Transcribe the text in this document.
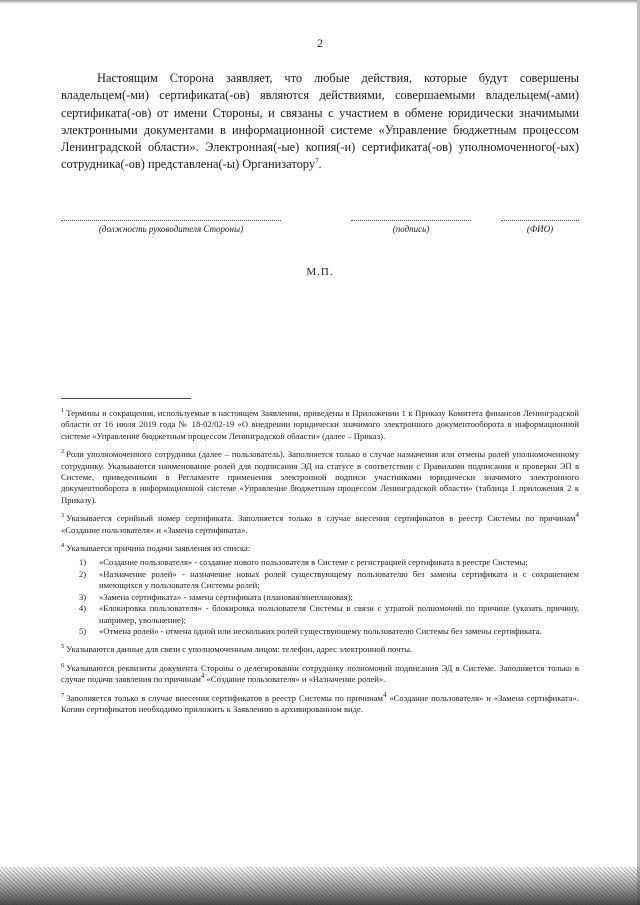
2

Настоящим Сторона заявляет, что любые действия, которые будут совершены владельцем(-ми) сертификата(-ов) являются действиями, совершаемыми владельцем(-ами) сертификата(-ов) от имени Стороны, и связаны с участием в обмене юридически значимыми электронными документами в информационной системе «Управление бюджетным процессом Ленинградской области». Электронная(-ые) копия(-и) сертификата(-ов) уполномоченного(-ых) сотрудника(-ов) представлена(-ы) Организатору$^7$.

(должность руководителя Стороны)	(подпись)	(ФИО)
М.П.
$^1$ Термины и сокращения, используемые в настоящем Заявлении, приведены в Приложении 1 к Приказу Комитета финансов Ленинградской области от 16 июля 2019 года № 18-02/02-19 «О внедрении юридически значимого электронного документооборота в информационной системе «Управление бюджетным процессом Ленинградской области» (далее – Приказ).
$^2$ Роли уполномоченного сотрудника (далее – пользователь). Заполняется только в случае назначения или отмены ролей уполномоченному сотруднику. Указываются наименование ролей для подписания ЭД на статусе в соответствии с Правилами подписания и проверки ЭП в Системе, приведенными в Регламенте применения электронной подписи участниками юридически значимого электронного документооборота в информационной системе «Управление бюджетным процессом Ленинградской области» (таблица 1 приложения 2 к Приказу).
$^3$ Указывается серийный номер сертификата. Заполняется только в случае внесения сертификатов в реестр Системы по причинам$^4$ «Создание пользователя» и «Замена сертификата».
$^4$ Указывается причина подачи заявления из списка:
1) «Создание пользователя» - создание нового пользователя в Системе с регистрацией сертификата в реестре Системы;
2) «Назначение ролей» - назначение новых ролей существующему пользователю без замены сертификата и с сохранением имеющихся у пользователя Системы ролей;
3) «Замена сертификата» - замена сертификата (плановая/внеплановая);
4) «Блокировка пользователя» - блокировка пользователя Системы в связи с утратой полномочий по причине (указать причину, например, увольнение);
5) «Отмена ролей» - отмена одной или нескольких ролей существующему пользователю Системы без замены сертификата.
$^5$ Указываются данные для связи с уполномоченным лицом: телефон, адрес электронной почты.
$^6$ Указываются реквизиты документа Стороны о делегировании сотруднику полномочий подписания ЭД в Системе. Заполняется только в случае подачи заявления по причинам$^4$ «Создание пользователя» и «Назначение ролей».
$^7$ Заполняется только в случае внесения сертификатов в реестр Системы по причинам$^4$ «Создание пользователя» и «Замена сертификата». Копии сертификатов необходимо приложить к Заявлению в архивированном виде.
